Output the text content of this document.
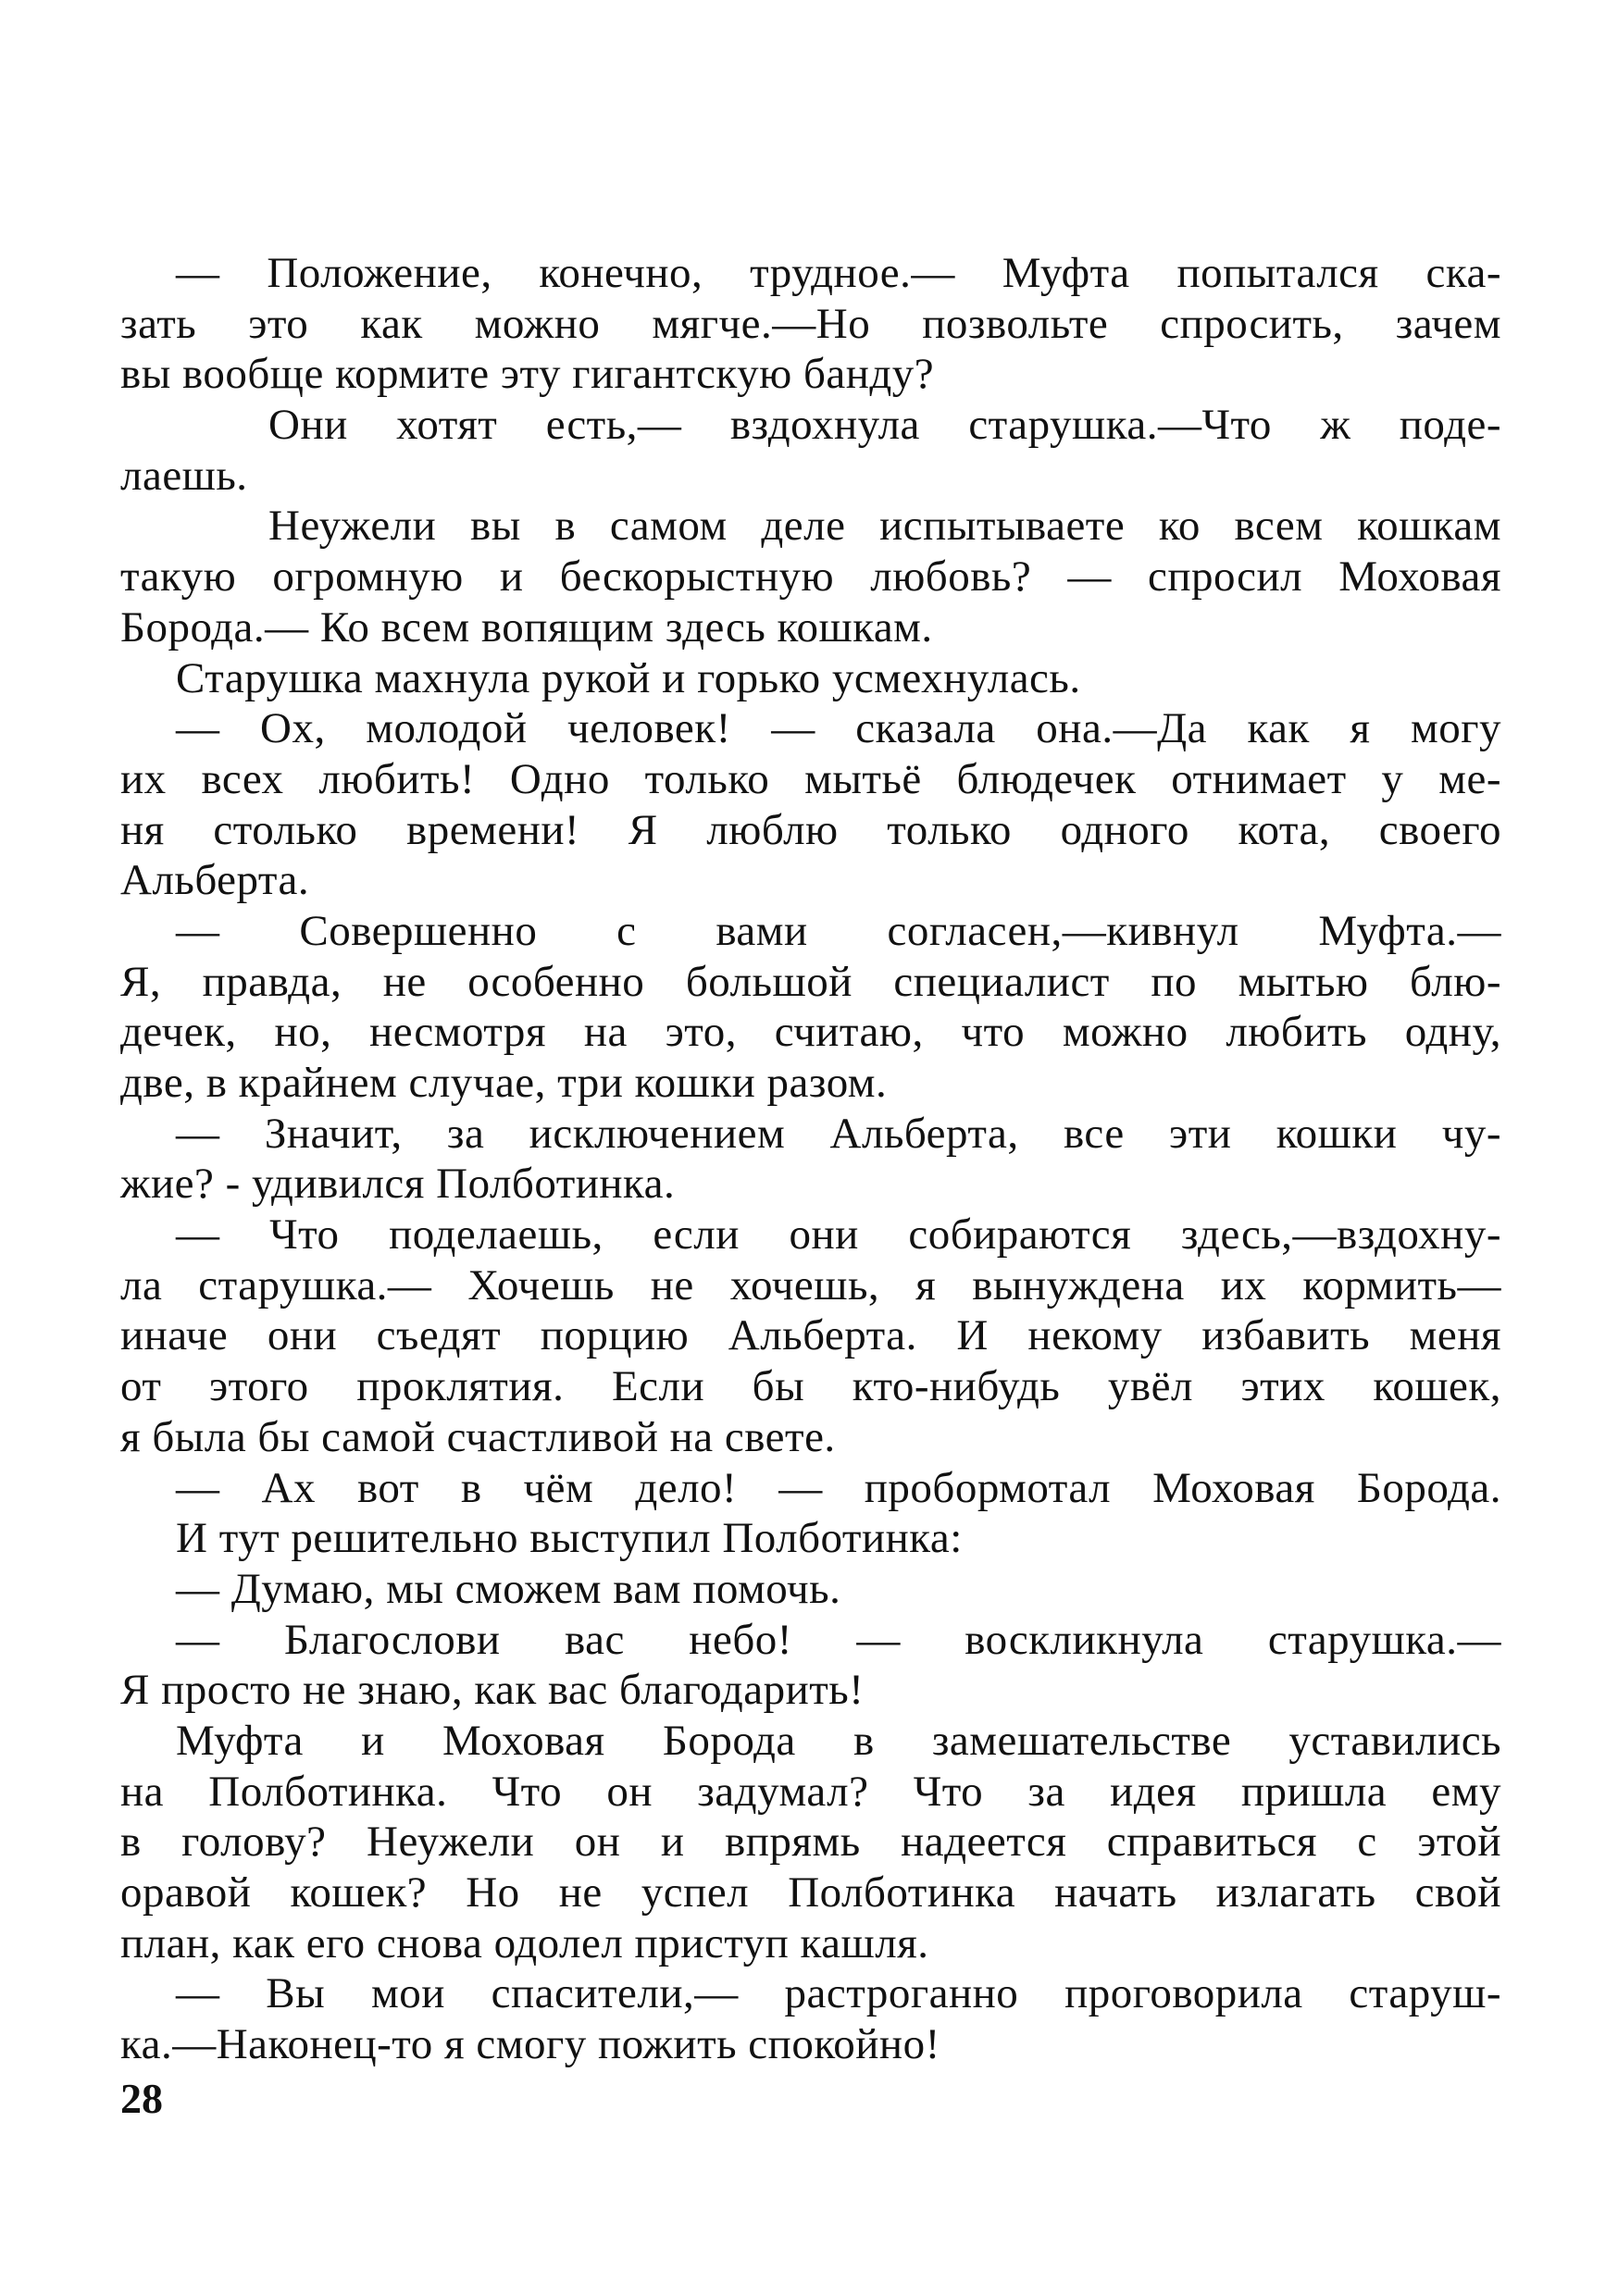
— Положение, конечно, трудное.— Муфта попытался ска-
зать это как можно мягче.—Но позвольте спросить, зачем
вы вообще кормите эту гигантскую банду?
Они хотят есть,— вздохнула старушка.—Что ж поде-
лаешь.
Неужели вы в самом деле испытываете ко всем кошкам
такую огромную и бескорыстную любовь? — спросил Моховая
Борода.— Ко всем вопящим здесь кошкам.
Старушка махнула рукой и горько усмехнулась.
— Ох, молодой человек! — сказала она.—Да как я могу
их всех любить! Одно только мытьё блюдечек отнимает у ме-
ня столько времени! Я люблю только одного кота, своего
Альберта.
— Совершенно с вами согласен,—кивнул Муфта.—
Я, правда, не особенно большой специалист по мытью блю-
дечек, но, несмотря на это, считаю, что можно любить одну,
две, в крайнем случае, три кошки разом.
— Значит, за исключением Альберта, все эти кошки чу-
жие? - удивился Полботинка.
— Что поделаешь, если они собираются здесь,—вздохну-
ла старушка.— Хочешь не хочешь, я вынуждена их кормить—
иначе они съедят порцию Альберта. И некому избавить меня
от этого проклятия. Если бы кто-нибудь увёл этих кошек,
я была бы самой счастливой на свете.
— Ах вот в чём дело! — пробормотал Моховая Борода.
И тут решительно выступил Полботинка:
— Думаю, мы сможем вам помочь.
— Благослови вас небо! — воскликнула старушка.—
Я просто не знаю, как вас благодарить!
Муфта и Моховая Борода в замешательстве уставились
на Полботинка. Что он задумал? Что за идея пришла ему
в голову? Неужели он и впрямь надеется справиться с этой
оравой кошек? Но не успел Полботинка начать излагать свой
план, как его снова одолел приступ кашля.
— Вы мои спасители,— растроганно проговорила старуш-
ка.—Наконец-то я смогу пожить спокойно!
28
